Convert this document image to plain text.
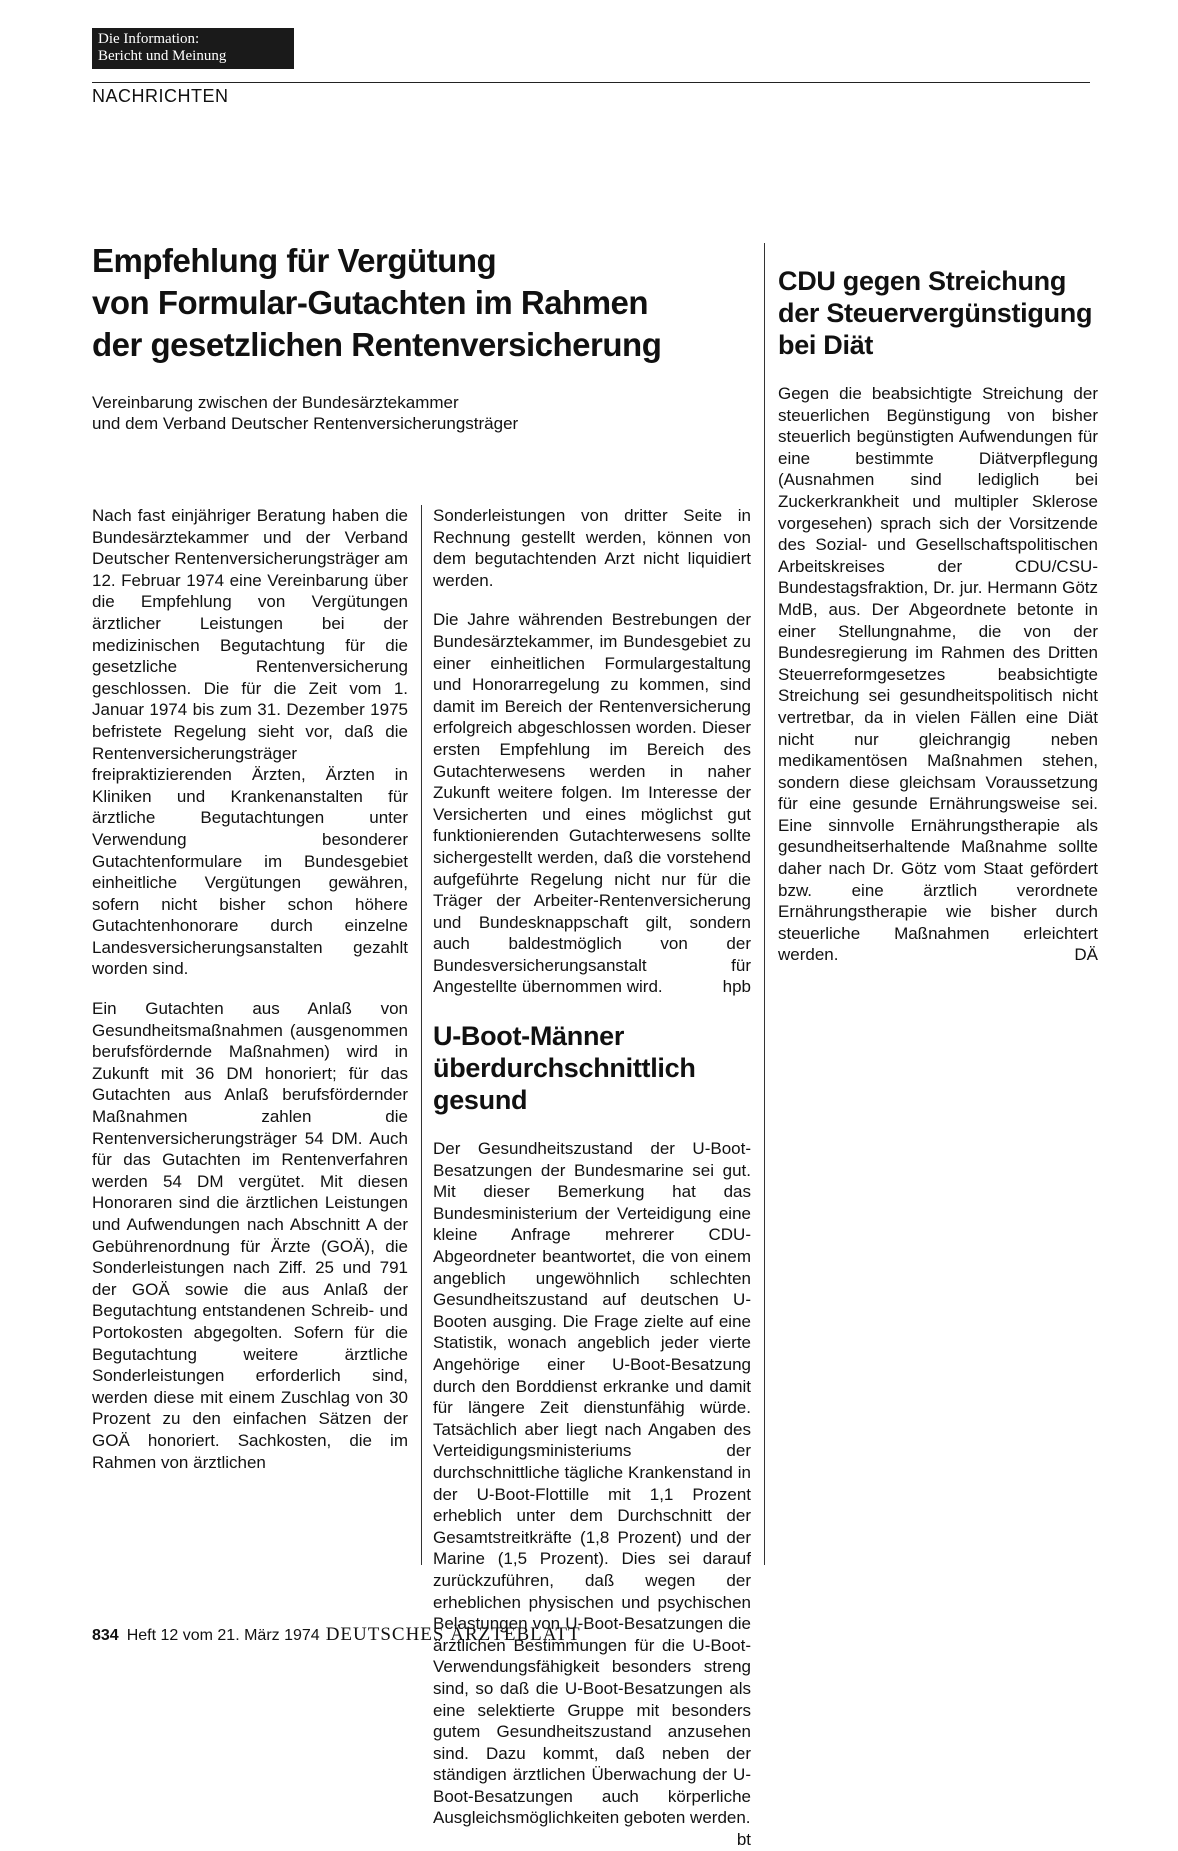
Die Information:
Bericht und Meinung
NACHRICHTEN
Empfehlung für Vergütung
von Formular-Gutachten im Rahmen
der gesetzlichen Rentenversicherung
Vereinbarung zwischen der Bundesärztekammer
und dem Verband Deutscher Rentenversicherungsträger

Nach fast einjähriger Beratung haben die Bundesärztekammer und der Verband Deutscher Rentenversicherungsträger am 12. Februar 1974 eine Vereinbarung über die Empfehlung von Vergütungen ärztlicher Leistungen bei der medizinischen Begutachtung für die gesetzliche Rentenversicherung geschlossen. Die für die Zeit vom 1. Januar 1974 bis zum 31. Dezember 1975 befristete Regelung sieht vor, daß die Rentenversicherungsträger freipraktizierenden Ärzten, Ärzten in Kliniken und Krankenanstalten für ärztliche Begutachtungen unter Verwendung besonderer Gutachtenformulare im Bundesgebiet einheitliche Vergütungen gewähren, sofern nicht bisher schon höhere Gutachtenhonorare durch einzelne Landesversicherungsanstalten gezahlt worden sind.

Ein Gutachten aus Anlaß von Gesundheitsmaßnahmen (ausgenommen berufsfördernde Maßnahmen) wird in Zukunft mit 36 DM honoriert; für das Gutachten aus Anlaß berufsfördernder Maßnahmen zahlen die Rentenversicherungsträger 54 DM. Auch für das Gutachten im Rentenverfahren werden 54 DM vergütet. Mit diesen Honoraren sind die ärztlichen Leistungen und Aufwendungen nach Abschnitt A der Gebührenordnung für Ärzte (GOÄ), die Sonderleistungen nach Ziff. 25 und 791 der GOÄ sowie die aus Anlaß der Begutachtung entstandenen Schreib- und Portokosten abgegolten. Sofern für die Begutachtung weitere ärztliche Sonderleistungen erforderlich sind, werden diese mit einem Zuschlag von 30 Prozent zu den einfachen Sätzen der GOÄ honoriert. Sachkosten, die im Rahmen von ärztlichen

Sonderleistungen von dritter Seite in Rechnung gestellt werden, können von dem begutachtenden Arzt nicht liquidiert werden.

Die Jahre währenden Bestrebungen der Bundesärztekammer, im Bundesgebiet zu einer einheitlichen Formulargestaltung und Honorarregelung zu kommen, sind damit im Bereich der Rentenversicherung erfolgreich abgeschlossen worden. Dieser ersten Empfehlung im Bereich des Gutachterwesens werden in naher Zukunft weitere folgen. Im Interesse der Versicherten und eines möglichst gut funktionierenden Gutachterwesens sollte sichergestellt werden, daß die vorstehend aufgeführte Regelung nicht nur für die Träger der Arbeiter-Rentenversicherung und Bundesknappschaft gilt, sondern auch baldestmöglich von der Bundesversicherungsanstalt für Angestellte übernommen wird.	hpb

U-Boot-Männer überdurchschnittlich gesund

Der Gesundheitszustand der U-Boot-Besatzungen der Bundesmarine sei gut. Mit dieser Bemerkung hat das Bundesministerium der Verteidigung eine kleine Anfrage mehrerer CDU-Abgeordneter beantwortet, die von einem angeblich ungewöhnlich schlechten Gesundheitszustand auf deutschen U-Booten ausging. Die Frage zielte auf eine Statistik, wonach angeblich jeder vierte Angehörige einer U-Boot-Besatzung durch den Borddienst erkranke und damit für längere Zeit dienstunfähig würde. Tatsächlich aber liegt nach Angaben des Verteidigungsministeriums der durchschnittliche tägliche Krankenstand in der U-Boot-Flottille mit 1,1 Prozent erheblich unter dem Durchschnitt der Gesamtstreitkräfte (1,8 Prozent) und der Marine (1,5 Prozent). Dies sei darauf zurückzuführen, daß wegen der erheblichen physischen und psychischen Belastungen von U-Boot-Besatzungen die ärztlichen Bestimmungen für die U-Boot-Verwendungsfähigkeit besonders streng sind, so daß die U-Boot-Besatzungen als eine selektierte Gruppe mit besonders gutem Gesundheitszustand anzusehen sind. Dazu kommt, daß neben der ständigen ärztlichen Überwachung der U-Boot-Besatzungen auch körperliche Ausgleichsmöglichkeiten geboten werden.
bt

CDU gegen Streichung der Steuervergünstigung bei Diät

Gegen die beabsichtigte Streichung der steuerlichen Begünstigung von bisher steuerlich begünstigten Aufwendungen für eine bestimmte Diätverpflegung (Ausnahmen sind lediglich bei Zuckerkrankheit und multipler Sklerose vorgesehen) sprach sich der Vorsitzende des Sozial- und Gesellschaftspolitischen Arbeitskreises der CDU/CSU-Bundestagsfraktion, Dr. jur. Hermann Götz MdB, aus. Der Abgeordnete betonte in einer Stellungnahme, die von der Bundesregierung im Rahmen des Dritten Steuerreformgesetzes beabsichtigte Streichung sei gesundheitspolitisch nicht vertretbar, da in vielen Fällen eine Diät nicht nur gleichrangig neben medikamentösen Maßnahmen stehen, sondern diese gleichsam Voraussetzung für eine gesunde Ernährungsweise sei. Eine sinnvolle Ernährungstherapie als gesundheitserhaltende Maßnahme sollte daher nach Dr. Götz vom Staat gefördert bzw. eine ärztlich verordnete Ernährungstherapie wie bisher durch steuerliche Maßnahmen erleichtert werden.	DÄ

834 Heft 12 vom 21. März 1974 DEUTSCHES ÄRZTEBLATT
